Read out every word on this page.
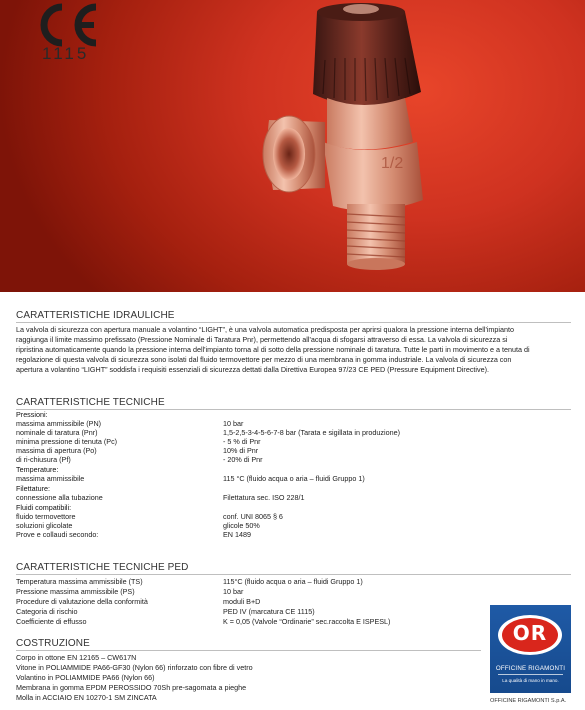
1115
1/2
CARATTERISTICHE IDRAULICHE

La valvola di sicurezza con apertura manuale a volantino “LIGHT”, è una valvola automatica predisposta per aprirsi qualora la pressione interna dell'impianto raggiunga il limite massimo prefissato (Pressione Nominale di Taratura Pnr), permettendo all'acqua di sfogarsi attraverso di essa. La valvola di sicurezza si ripristina automaticamente quando la pressione interna dell'impianto torna al di sotto della pressione nominale di taratura. Tutte le parti in movimento e a tenuta di regolazione di questa valvola di sicurezza sono isolati dal fluido termovettore per mezzo di una membrana in gomma industriale. La valvola di sicurezza con apertura a volantino “LIGHT” soddisfa i requisiti essenziali di sicurezza dettati dalla Direttiva Europea 97/23 CE PED (Pressure Equipment Directive).

CARATTERISTICHE TECNICHE
Pressioni:
massima ammissibile (PN)	10 bar
nominale di taratura (Pnr)	1,5-2,5-3-4-5-6-7-8 bar (Tarata e sigillata in produzione)
minima pressione di tenuta (Pc)	- 5 % di Pnr
massima di apertura (Po)	10% di Pnr
di ri-chiusura (Pf)	- 20% di Pnr
Temperature:
massima ammissibile	115 °C (fluido acqua o aria – fluidi Gruppo 1)
Filettature:
connessione alla tubazione	Filettatura sec. ISO 228/1
Fluidi compatibili:
fluido termovettore	conf. UNI 8065 § 6
soluzioni glicolate	glicole 50%
Prove e collaudi secondo:	EN 1489
CARATTERISTICHE TECNICHE PED
Temperatura massima ammissibile (TS)	115°C (fluido acqua o aria – fluidi Gruppo 1)
Pressione massima ammissibile (PS)	10 bar
Procedure di valutazione della conformità	moduli B+D
Categoria di rischio	PED IV (marcatura CE 1115)
Coefficiente di effusso	K = 0,05 (Valvole “Ordinarie” sec.raccolta E ISPESL)
COSTRUZIONE
Corpo in ottone EN 12165 – CW617N
Vitone in POLIAMMIDE PA66-GF30 (Nylon 66) rinforzato con fibre di vetro
Volantino in POLIAMMIDE PA66 (Nylon 66)
Membrana in gomma EPDM PEROSSIDO 70Sh pre-sagomata a pieghe
Molla in ACCIAIO EN 10270-1 SM ZINCATA
OR
OFFICINE RIGAMONTI
La qualità di mano in mano.
OFFICINE RIGAMONTI S.p.A.
